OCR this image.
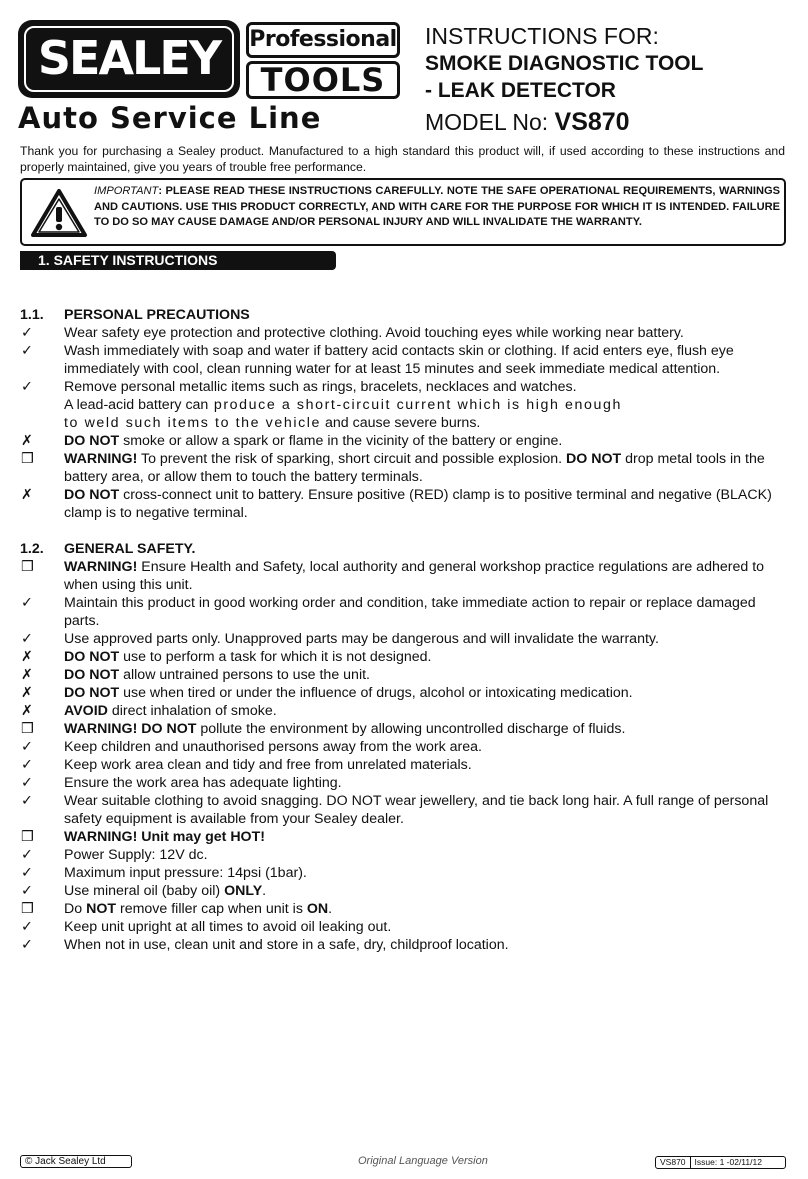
SEALEY	Professional
TOOLS
Auto Service Line
INSTRUCTIONS FOR:
SMOKE DIAGNOSTIC TOOL
- LEAK DETECTOR
MODEL No: VS870
Thank you for purchasing a Sealey product. Manufactured to a high standard this product will, if used according to these instructions and properly maintained, give you years of trouble free performance.
IMPORTANT: PLEASE READ THESE INSTRUCTIONS CAREFULLY. NOTE THE SAFE OPERATIONAL REQUIREMENTS, WARNINGS AND CAUTIONS. USE THIS PRODUCT CORRECTLY, AND WITH CARE FOR THE PURPOSE FOR WHICH IT IS INTENDED. FAILURE TO DO SO MAY CAUSE DAMAGE AND/OR PERSONAL INJURY AND WILL INVALIDATE THE WARRANTY.
1. SAFETY INSTRUCTIONS
1.1. PERSONAL PRECAUTIONS
✓ Wear safety eye protection and protective clothing. Avoid touching eyes while working near battery.
✓ Wash immediately with soap and water if battery acid contacts skin or clothing. If acid enters eye, flush eye immediately with cool, clean running water for at least 15 minutes and seek immediate medical attention.
✓ Remove personal metallic items such as rings, bracelets, necklaces and watches.
A lead-acid battery can produce a short-circuit current which is high enough
to weld such items to the vehicle and cause severe burns.
✗ DO NOT smoke or allow a spark or flame in the vicinity of the battery or engine.
❒ WARNING! To prevent the risk of sparking, short circuit and possible explosion. DO NOT drop metal tools in the battery area, or allow them to touch the battery terminals.
✗ DO NOT cross-connect unit to battery. Ensure positive (RED) clamp is to positive terminal and negative (BLACK) clamp is to negative terminal.
1.2. GENERAL SAFETY.
❒ WARNING! Ensure Health and Safety, local authority and general workshop practice regulations are adhered to when using this unit.
✓ Maintain this product in good working order and condition, take immediate action to repair or replace damaged parts.
✓ Use approved parts only. Unapproved parts may be dangerous and will invalidate the warranty.
✗ DO NOT use to perform a task for which it is not designed.
✗ DO NOT allow untrained persons to use the unit.
✗ DO NOT use when tired or under the influence of drugs, alcohol or intoxicating medication.
✗ AVOID direct inhalation of smoke.
❒ WARNING! DO NOT pollute the environment by allowing uncontrolled discharge of fluids.
✓ Keep children and unauthorised persons away from the work area.
✓ Keep work area clean and tidy and free from unrelated materials.
✓ Ensure the work area has adequate lighting.
✓ Wear suitable clothing to avoid snagging. DO NOT wear jewellery, and tie back long hair. A full range of personal safety equipment is available from your Sealey dealer.
❒ WARNING! Unit may get HOT!
✓ Power Supply: 12V dc.
✓ Maximum input pressure: 14psi (1bar).
✓ Use mineral oil (baby oil) ONLY.
❒ Do NOT remove filler cap when unit is ON.
✓ Keep unit upright at all times to avoid oil leaking out.
✓ When not in use, clean unit and store in a safe, dry, childproof location.
© Jack Sealey Ltd	Original Language Version	VS870	Issue: 1 -02/11/12
